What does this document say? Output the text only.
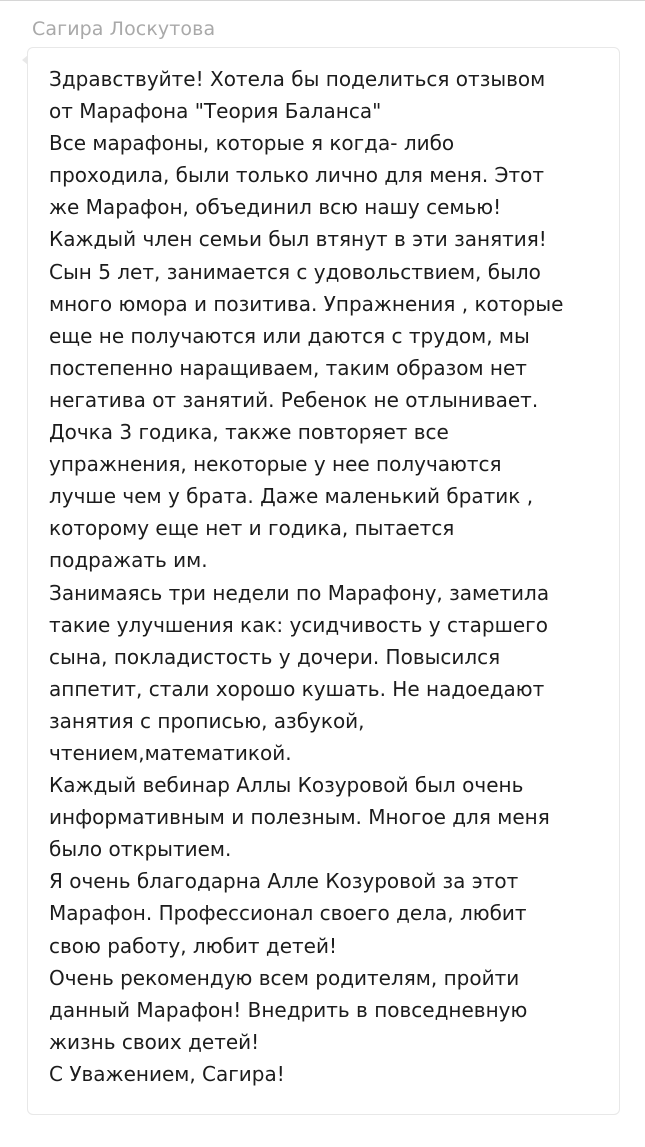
Сагира Лоскутова
Здравствуйте! Хотела бы поделиться отзывом
от Марафона "Теория Баланса"
Все марафоны, которые я когда- либо
проходила, были только лично для меня. Этот
же Марафон, объединил всю нашу семью!
Каждый член семьи был втянут в эти занятия!
Сын 5 лет, занимается с удовольствием, было
много юмора и позитива. Упражнения , которые
еще не получаются или даются с трудом, мы
постепенно наращиваем, таким образом нет
негатива от занятий. Ребенок не отлынивает.
Дочка 3 годика, также повторяет все
упражнения, некоторые у нее получаются
лучше чем у брата. Даже маленький братик ,
которому еще нет и годика, пытается
подражать им.
Занимаясь три недели по Марафону, заметила
такие улучшения как: усидчивость у старшего
сына, покладистость у дочери. Повысился
аппетит, стали хорошо кушать. Не надоедают
занятия с прописью, азбукой,
чтением,математикой.
Каждый вебинар Аллы Козуровой был очень
информативным и полезным. Многое для меня
было открытием.
Я очень благодарна Алле Козуровой за этот
Марафон. Профессионал своего дела, любит
свою работу, любит детей!
Очень рекомендую всем родителям, пройти
данный Марафон! Внедрить в повседневную
жизнь своих детей!
С Уважением, Сагира!
